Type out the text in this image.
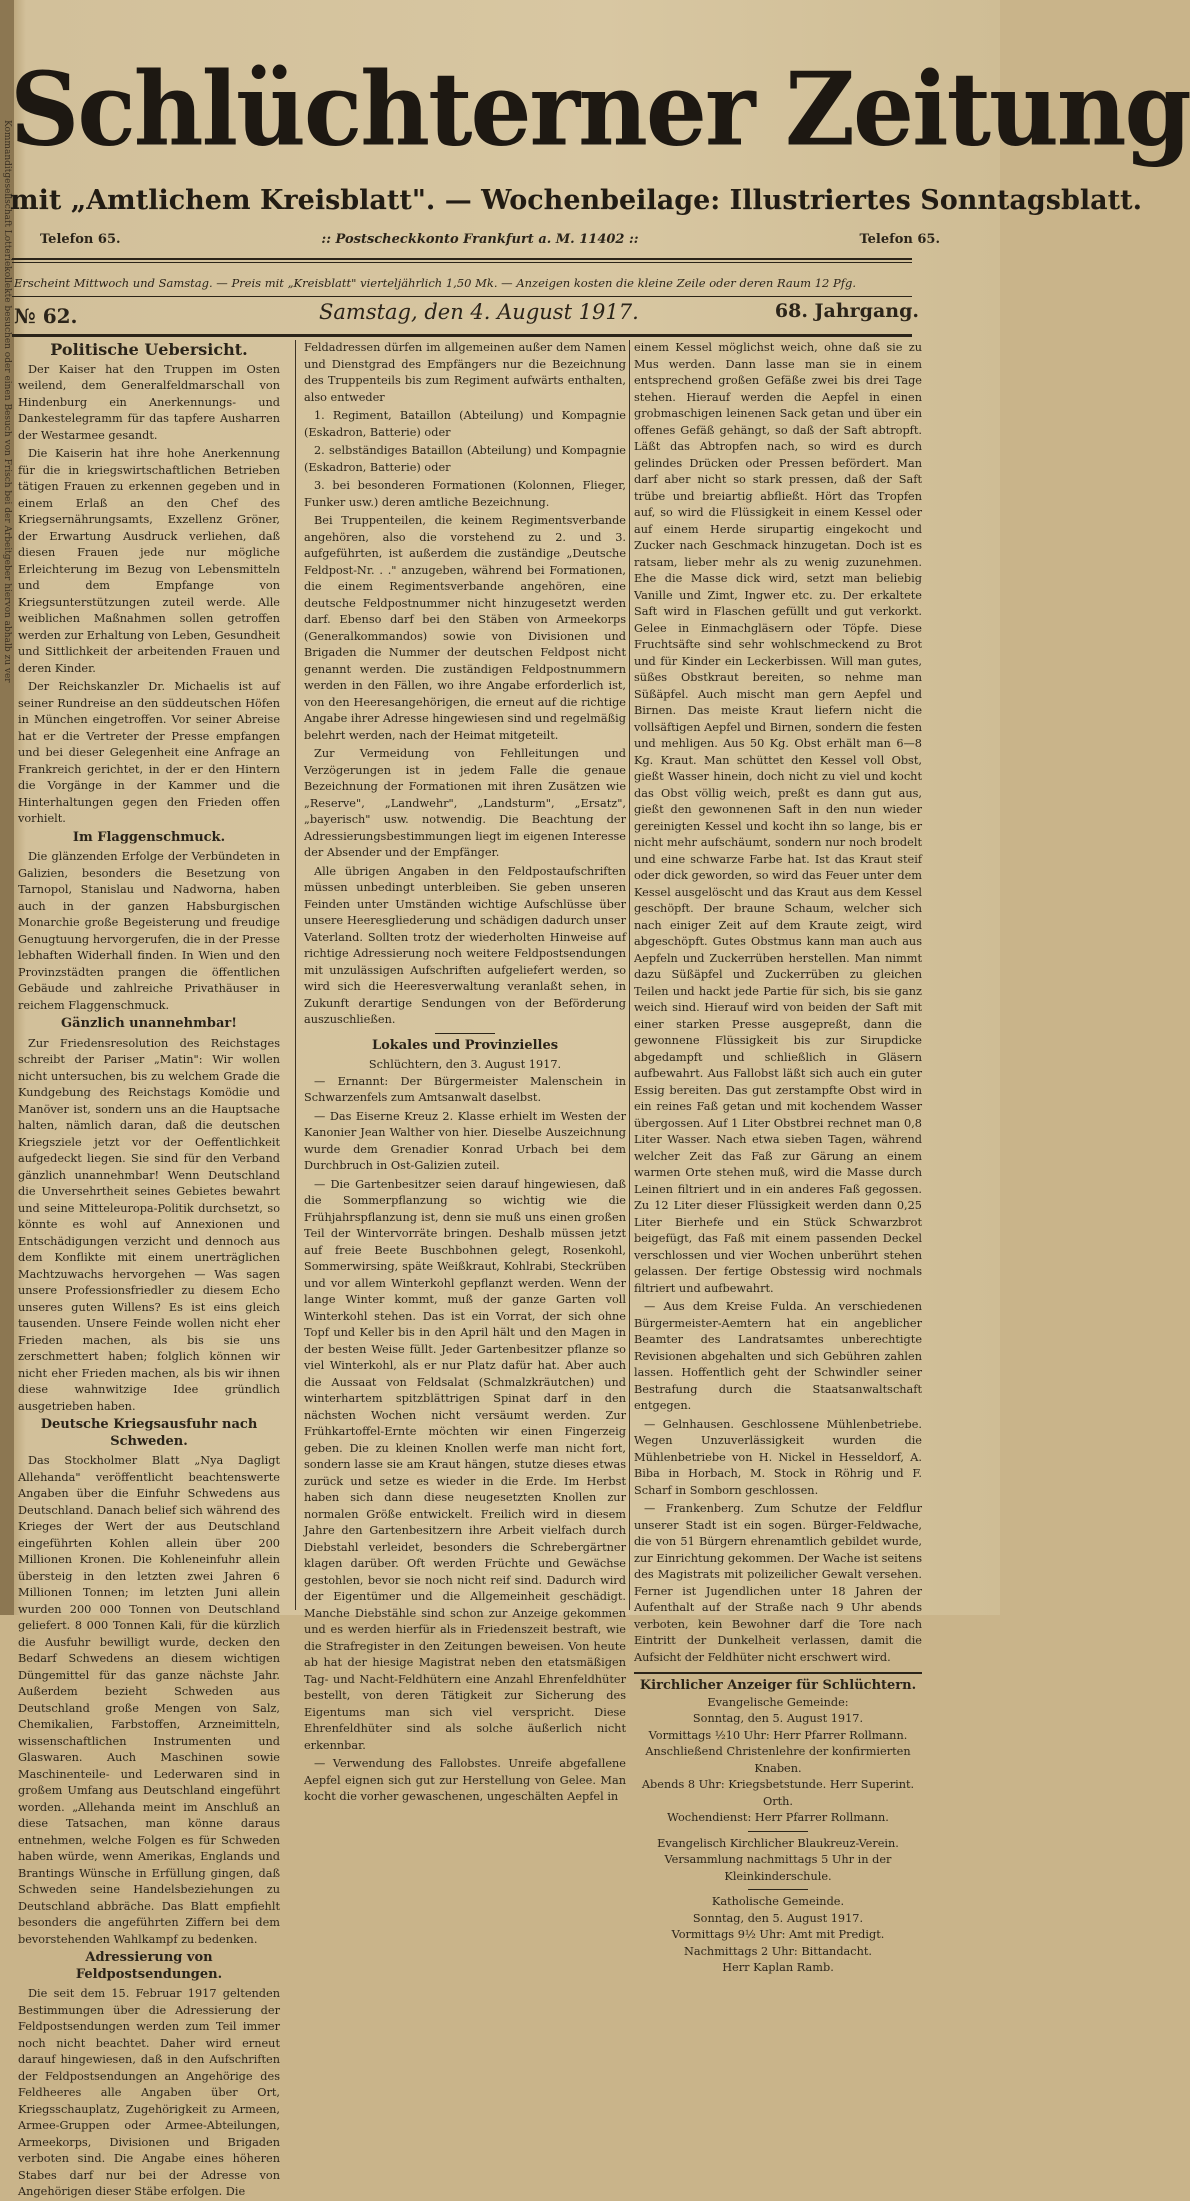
Kommanditgesellschaft Lotteriekollekte besuchen oder einen Besuch von Frisch bei der Arbeitgeber hiervon abhalb zu ver
Schlüchterner Zeitung
mit „Amtlichem Kreisblatt". — Wochenbeilage: Illustriertes Sonntagsblatt.
Telefon 65.	:: Postscheckkonto Frankfurt a. M. 11402 ::	Telefon 65.
Erscheint Mittwoch und Samstag. — Preis mit „Kreisblatt" vierteljährlich 1,50 Mk. — Anzeigen kosten die kleine Zeile oder deren Raum 12 Pfg.
№ 62.	Samstag, den 4. August 1917.	68. Jahrgang.
Politische Uebersicht.

Der Kaiser hat den Truppen im Osten weilend, dem Generalfeldmarschall von Hindenburg ein Anerkennungs- und Dankestelegramm für das tapfere Ausharren der Westarmee gesandt.

Die Kaiserin hat ihre hohe Anerkennung für die in kriegswirtschaftlichen Betrieben tätigen Frauen zu erkennen gegeben und in einem Erlaß an den Chef des Kriegsernährungsamts, Exzellenz Gröner, der Erwartung Ausdruck verliehen, daß diesen Frauen jede nur mögliche Erleichterung im Bezug von Lebensmitteln und dem Empfange von Kriegsunterstützungen zuteil werde. Alle weiblichen Maßnahmen sollen getroffen werden zur Erhaltung von Leben, Gesundheit und Sittlichkeit der arbeitenden Frauen und deren Kinder.

Der Reichskanzler Dr. Michaelis ist auf seiner Rundreise an den süddeutschen Höfen in München eingetroffen. Vor seiner Abreise hat er die Vertreter der Presse empfangen und bei dieser Gelegenheit eine Anfrage an Frankreich gerichtet, in der er den Hintern die Vorgänge in der Kammer und die Hinterhaltungen gegen den Frieden offen vorhielt.

Im Flaggenschmuck.

Die glänzenden Erfolge der Verbündeten in Galizien, besonders die Besetzung von Tarnopol, Stanislau und Nadworna, haben auch in der ganzen Habsburgischen Monarchie große Begeisterung und freudige Genugtuung hervorgerufen, die in der Presse lebhaften Widerhall finden. In Wien und den Provinzstädten prangen die öffentlichen Gebäude und zahlreiche Privathäuser in reichem Flaggenschmuck.

Gänzlich unannehmbar!

Zur Friedensresolution des Reichstages schreibt der Pariser „Matin": Wir wollen nicht untersuchen, bis zu welchem Grade die Kundgebung des Reichstags Komödie und Manöver ist, sondern uns an die Hauptsache halten, nämlich daran, daß die deutschen Kriegsziele jetzt vor der Oeffentlichkeit aufgedeckt liegen. Sie sind für den Verband gänzlich unannehmbar! Wenn Deutschland die Unversehrtheit seines Gebietes bewahrt und seine Mitteleuropa-Politik durchsetzt, so könnte es wohl auf Annexionen und Entschädigungen verzicht und dennoch aus dem Konflikte mit einem unerträglichen Machtzuwachs hervorgehen — Was sagen unsere Professionsfriedler zu diesem Echo unseres guten Willens? Es ist eins gleich tausenden. Unsere Feinde wollen nicht eher Frieden machen, als bis sie uns zerschmettert haben; folglich können wir nicht eher Frieden machen, als bis wir ihnen diese wahnwitzige Idee gründlich ausgetrieben haben.

Deutsche Kriegsausfuhr nach Schweden.

Das Stockholmer Blatt „Nya Dagligt Allehanda" veröffentlicht beachtenswerte Angaben über die Einfuhr Schwedens aus Deutschland. Danach belief sich während des Krieges der Wert der aus Deutschland eingeführten Kohlen allein über 200 Millionen Kronen. Die Kohleneinfuhr allein übersteig in den letzten zwei Jahren 6 Millionen Tonnen; im letzten Juni allein wurden 200 000 Tonnen von Deutschland geliefert. 8 000 Tonnen Kali, für die kürzlich die Ausfuhr bewilligt wurde, decken den Bedarf Schwedens an diesem wichtigen Düngemittel für das ganze nächste Jahr. Außerdem bezieht Schweden aus Deutschland große Mengen von Salz, Chemikalien, Farbstoffen, Arzneimitteln, wissenschaftlichen Instrumenten und Glaswaren. Auch Maschinen sowie Maschinenteile- und Lederwaren sind in großem Umfang aus Deutschland eingeführt worden. „Allehanda meint im Anschluß an diese Tatsachen, man könne daraus entnehmen, welche Folgen es für Schweden haben würde, wenn Amerikas, Englands und Brantings Wünsche in Erfüllung gingen, daß Schweden seine Handelsbeziehungen zu Deutschland abbräche. Das Blatt empfiehlt besonders die angeführten Ziffern bei dem bevorstehenden Wahlkampf zu bedenken.

Adressierung von Feldpostsendungen.

Die seit dem 15. Februar 1917 geltenden Bestimmungen über die Adressierung der Feldpostsendungen werden zum Teil immer noch nicht beachtet. Daher wird erneut darauf hingewiesen, daß in den Aufschriften der Feldpostsendungen an Angehörige des Feldheeres alle Angaben über Ort, Kriegsschauplatz, Zugehörigkeit zu Armeen, Armee-Gruppen oder Armee-Abteilungen, Armeekorps, Divisionen und Brigaden verboten sind. Die Angabe eines höheren Stabes darf nur bei der Adresse von Angehörigen dieser Stäbe erfolgen. Die

Feldadressen dürfen im allgemeinen außer dem Namen und Dienstgrad des Empfängers nur die Bezeichnung des Truppenteils bis zum Regiment aufwärts enthalten, also entweder

1. Regiment, Bataillon (Abteilung) und Kompagnie (Eskadron, Batterie) oder

2. selbständiges Bataillon (Abteilung) und Kompagnie (Eskadron, Batterie) oder

3. bei besonderen Formationen (Kolonnen, Flieger, Funker usw.) deren amtliche Bezeichnung.

Bei Truppenteilen, die keinem Regimentsverbande angehören, also die vorstehend zu 2. und 3. aufgeführten, ist außerdem die zuständige „Deutsche Feldpost-Nr. . ." anzugeben, während bei Formationen, die einem Regimentsverbande angehören, eine deutsche Feldpostnummer nicht hinzugesetzt werden darf. Ebenso darf bei den Stäben von Armeekorps (Generalkommandos) sowie von Divisionen und Brigaden die Nummer der deutschen Feldpost nicht genannt werden. Die zuständigen Feldpostnummern werden in den Fällen, wo ihre Angabe erforderlich ist, von den Heeresangehörigen, die erneut auf die richtige Angabe ihrer Adresse hingewiesen sind und regelmäßig belehrt werden, nach der Heimat mitgeteilt.

Zur Vermeidung von Fehlleitungen und Verzögerungen ist in jedem Falle die genaue Bezeichnung der Formationen mit ihren Zusätzen wie „Reserve", „Landwehr", „Landsturm", „Ersatz", „bayerisch" usw. notwendig. Die Beachtung der Adressierungsbestimmungen liegt im eigenen Interesse der Absender und der Empfänger.

Alle übrigen Angaben in den Feldpostaufschriften müssen unbedingt unterbleiben. Sie geben unseren Feinden unter Umständen wichtige Aufschlüsse über unsere Heeresgliederung und schädigen dadurch unser Vaterland. Sollten trotz der wiederholten Hinweise auf richtige Adressierung noch weitere Feldpostsendungen mit unzulässigen Aufschriften aufgeliefert werden, so wird sich die Heeresverwaltung veranlaßt sehen, in Zukunft derartige Sendungen von der Beförderung auszuschließen.

Lokales und Provinzielles

Schlüchtern, den 3. August 1917.

— Ernannt: Der Bürgermeister Malenschein in Schwarzenfels zum Amtsanwalt daselbst.

— Das Eiserne Kreuz 2. Klasse erhielt im Westen der Kanonier Jean Walther von hier. Dieselbe Auszeichnung wurde dem Grenadier Konrad Urbach bei dem Durchbruch in Ost-Galizien zuteil.

— Die Gartenbesitzer seien darauf hingewiesen, daß die Sommerpflanzung so wichtig wie die Frühjahrspflanzung ist, denn sie muß uns einen großen Teil der Wintervorräte bringen. Deshalb müssen jetzt auf freie Beete Buschbohnen gelegt, Rosenkohl, Sommerwirsing, späte Weißkraut, Kohlrabi, Steckrüben und vor allem Winterkohl gepflanzt werden. Wenn der lange Winter kommt, muß der ganze Garten voll Winterkohl stehen. Das ist ein Vorrat, der sich ohne Topf und Keller bis in den April hält und den Magen in der besten Weise füllt. Jeder Gartenbesitzer pflanze so viel Winterkohl, als er nur Platz dafür hat. Aber auch die Aussaat von Feldsalat (Schmalzkräutchen) und winterhartem spitzblättrigen Spinat darf in den nächsten Wochen nicht versäumt werden. Zur Frühkartoffel-Ernte möchten wir einen Fingerzeig geben. Die zu kleinen Knollen werfe man nicht fort, sondern lasse sie am Kraut hängen, stutze dieses etwas zurück und setze es wieder in die Erde. Im Herbst haben sich dann diese neugesetzten Knollen zur normalen Größe entwickelt. Freilich wird in diesem Jahre den Gartenbesitzern ihre Arbeit vielfach durch Diebstahl verleidet, besonders die Schrebergärtner klagen darüber. Oft werden Früchte und Gewächse gestohlen, bevor sie noch nicht reif sind. Dadurch wird der Eigentümer und die Allgemeinheit geschädigt. Manche Diebstähle sind schon zur Anzeige gekommen und es werden hierfür als in Friedenszeit bestraft, wie die Strafregister in den Zeitungen beweisen. Von heute ab hat der hiesige Magistrat neben den etatsmäßigen Tag- und Nacht-Feldhütern eine Anzahl Ehrenfeldhüter bestellt, von deren Tätigkeit zur Sicherung des Eigentums man sich viel verspricht. Diese Ehrenfeldhüter sind als solche äußerlich nicht erkennbar.

— Verwendung des Fallobstes. Unreife abgefallene Aepfel eignen sich gut zur Herstellung von Gelee. Man kocht die vorher gewaschenen, ungeschälten Aepfel in

einem Kessel möglichst weich, ohne daß sie zu Mus werden. Dann lasse man sie in einem entsprechend großen Gefäße zwei bis drei Tage stehen. Hierauf werden die Aepfel in einen grobmaschigen leinenen Sack getan und über ein offenes Gefäß gehängt, so daß der Saft abtropft. Läßt das Abtropfen nach, so wird es durch gelindes Drücken oder Pressen befördert. Man darf aber nicht so stark pressen, daß der Saft trübe und breiartig abfließt. Hört das Tropfen auf, so wird die Flüssigkeit in einem Kessel oder auf einem Herde sirupartig eingekocht und Zucker nach Geschmack hinzugetan. Doch ist es ratsam, lieber mehr als zu wenig zuzunehmen. Ehe die Masse dick wird, setzt man beliebig Vanille und Zimt, Ingwer etc. zu. Der erkaltete Saft wird in Flaschen gefüllt und gut verkorkt. Gelee in Einmachgläsern oder Töpfe. Diese Fruchtsäfte sind sehr wohlschmeckend zu Brot und für Kinder ein Leckerbissen. Will man gutes, süßes Obstkraut bereiten, so nehme man Süßäpfel. Auch mischt man gern Aepfel und Birnen. Das meiste Kraut liefern nicht die vollsäftigen Aepfel und Birnen, sondern die festen und mehligen. Aus 50 Kg. Obst erhält man 6—8 Kg. Kraut. Man schüttet den Kessel voll Obst, gießt Wasser hinein, doch nicht zu viel und kocht das Obst völlig weich, preßt es dann gut aus, gießt den gewonnenen Saft in den nun wieder gereinigten Kessel und kocht ihn so lange, bis er nicht mehr aufschäumt, sondern nur noch brodelt und eine schwarze Farbe hat. Ist das Kraut steif oder dick geworden, so wird das Feuer unter dem Kessel ausgelöscht und das Kraut aus dem Kessel geschöpft. Der braune Schaum, welcher sich nach einiger Zeit auf dem Kraute zeigt, wird abgeschöpft. Gutes Obstmus kann man auch aus Aepfeln und Zuckerrüben herstellen. Man nimmt dazu Süßäpfel und Zuckerrüben zu gleichen Teilen und hackt jede Partie für sich, bis sie ganz weich sind. Hierauf wird von beiden der Saft mit einer starken Presse ausgepreßt, dann die gewonnene Flüssigkeit bis zur Sirupdicke abgedampft und schließlich in Gläsern aufbewahrt. Aus Fallobst läßt sich auch ein guter Essig bereiten. Das gut zerstampfte Obst wird in ein reines Faß getan und mit kochendem Wasser übergossen. Auf 1 Liter Obstbrei rechnet man 0,8 Liter Wasser. Nach etwa sieben Tagen, während welcher Zeit das Faß zur Gärung an einem warmen Orte stehen muß, wird die Masse durch Leinen filtriert und in ein anderes Faß gegossen. Zu 12 Liter dieser Flüssigkeit werden dann 0,25 Liter Bierhefe und ein Stück Schwarzbrot beigefügt, das Faß mit einem passenden Deckel verschlossen und vier Wochen unberührt stehen gelassen. Der fertige Obstessig wird nochmals filtriert und aufbewahrt.

— Aus dem Kreise Fulda. An verschiedenen Bürgermeister-Aemtern hat ein angeblicher Beamter des Landratsamtes unberechtigte Revisionen abgehalten und sich Gebühren zahlen lassen. Hoffentlich geht der Schwindler seiner Bestrafung durch die Staatsanwaltschaft entgegen.

— Gelnhausen. Geschlossene Mühlenbetriebe. Wegen Unzuverlässigkeit wurden die Mühlenbetriebe von H. Nickel in Hesseldorf, A. Biba in Horbach, M. Stock in Röhrig und F. Scharf in Somborn geschlossen.

— Frankenberg. Zum Schutze der Feldflur unserer Stadt ist ein sogen. Bürger-Feldwache, die von 51 Bürgern ehrenamtlich gebildet wurde, zur Einrichtung gekommen. Der Wache ist seitens des Magistrats mit polizeilicher Gewalt versehen. Ferner ist Jugendlichen unter 18 Jahren der Aufenthalt auf der Straße nach 9 Uhr abends verboten, kein Bewohner darf die Tore nach Eintritt der Dunkelheit verlassen, damit die Aufsicht der Feldhüter nicht erschwert wird.

Kirchlicher Anzeiger für Schlüchtern.

Evangelische Gemeinde:

Sonntag, den 5. August 1917.

Vormittags ½10 Uhr: Herr Pfarrer Rollmann.

Anschließend Christenlehre der konfirmierten Knaben.

Abends 8 Uhr: Kriegsbetstunde. Herr Superint. Orth.

Wochendienst: Herr Pfarrer Rollmann.

Evangelisch Kirchlicher Blaukreuz-Verein.

Versammlung nachmittags 5 Uhr in der Kleinkinderschule.

Katholische Gemeinde.

Sonntag, den 5. August 1917.

Vormittags 9½ Uhr: Amt mit Predigt.

Nachmittags 2 Uhr: Bittandacht.

Herr Kaplan Ramb.
